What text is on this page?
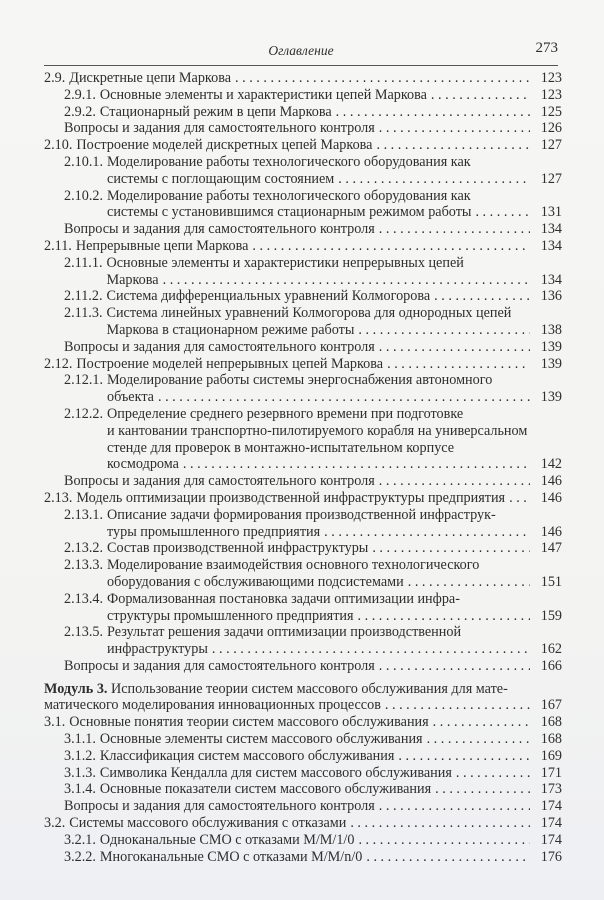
Оглавление	273
2.9. Дискретные цепи Маркова . . .	123
2.9.1. Основные элементы и характеристики цепей Маркова . . .	123
2.9.2. Стационарный режим в цепи Маркова . . .	125
Вопросы и задания для самостоятельного контроля . . .	126
2.10. Построение моделей дискретных цепей Маркова . . .	127
2.10.1. Моделирование работы технологического оборудования как
системы с поглощающим состоянием . . .	127
2.10.2. Моделирование работы технологического оборудования как
системы с установившимся стационарным режимом работы . . .	131
Вопросы и задания для самостоятельного контроля . . .	134
2.11. Непрерывные цепи Маркова . . .	134
2.11.1. Основные элементы и характеристики непрерывных цепей
Маркова . . .	134
2.11.2. Система дифференциальных уравнений Колмогорова . . .	136
2.11.3. Система линейных уравнений Колмогорова для однородных цепей
Маркова в стационарном режиме работы . . .	138
Вопросы и задания для самостоятельного контроля . . .	139
2.12. Построение моделей непрерывных цепей Маркова . . .	139
2.12.1. Моделирование работы системы энергоснабжения автономного
объекта . . .	139
2.12.2. Определение среднего резервного времени при подготовке
и кантовании транспортно-пилотируемого корабля на универсальном
стенде для проверок в монтажно-испытательном корпусе
космодрома . . .	142
Вопросы и задания для самостоятельного контроля . . .	146
2.13. Модель оптимизации производственной инфраструктуры предприятия . . .	146
2.13.1. Описание задачи формирования производственной инфраструк-
туры промышленного предприятия . . .	146
2.13.2. Состав производственной инфраструктуры . . .	147
2.13.3. Моделирование взаимодействия основного технологического
оборудования с обслуживающими подсистемами . . .	151
2.13.4. Формализованная постановка задачи оптимизации инфра-
структуры промышленного предприятия . . .	159
2.13.5. Результат решения задачи оптимизации производственной
инфраструктуры . . .	162
Вопросы и задания для самостоятельного контроля . . .	166
Модуль 3. Использование теории систем массового обслуживания для мате-
матического моделирования инновационных процессов . . .	167
3.1. Основные понятия теории систем массового обслуживания . . .	168
3.1.1. Основные элементы систем массового обслуживания . . .	168
3.1.2. Классификация систем массового обслуживания . . .	169
3.1.3. Символика Кендалла для систем массового обслуживания . . .	171
3.1.4. Основные показатели систем массового обслуживания . . .	173
Вопросы и задания для самостоятельного контроля . . .	174
3.2. Системы массового обслуживания с отказами . . .	174
3.2.1. Одноканальные СМО с отказами M/M/1/0 . . .	174
3.2.2. Многоканальные СМО с отказами M/M/n/0 . . .	176
